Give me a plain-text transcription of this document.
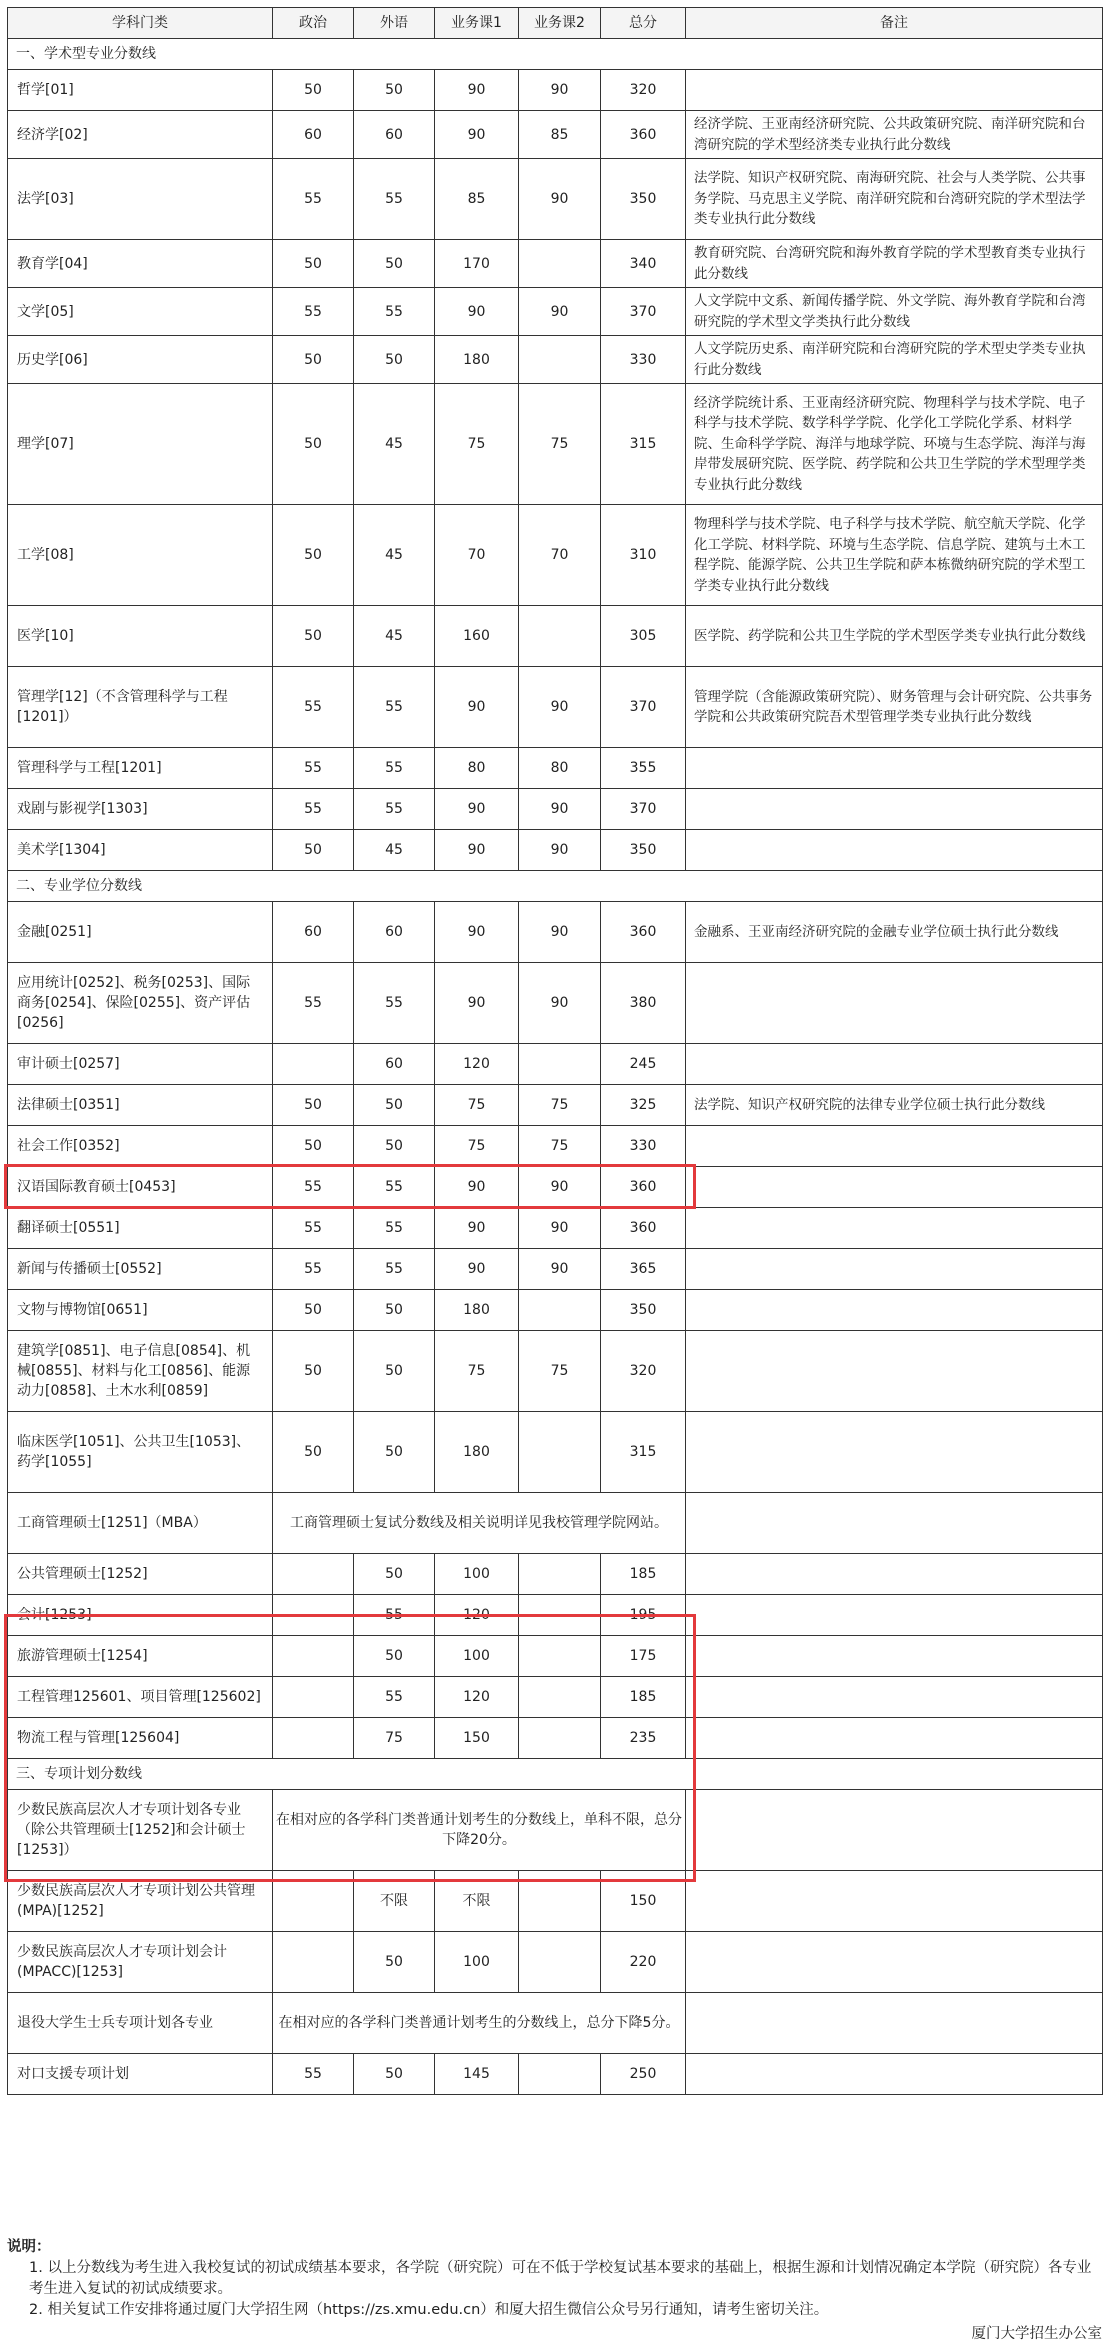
学科门类	政治	外语	业务课1	业务课2	总分	备注
一、学术型专业分数线						
哲学[01]	50	50	90	90	320	
经济学[02]	60	60	90	85	360	经济学院、王亚南经济研究院、公共政策研究院、南洋研究院和台湾研究院的学术型经济类专业执行此分数线
法学[03]	55	55	85	90	350	法学院、知识产权研究院、南海研究院、社会与人类学院、公共事务学院、马克思主义学院、南洋研究院和台湾研究院的学术型法学类专业执行此分数线
教育学[04]	50	50	170		340	教育研究院、台湾研究院和海外教育学院的学术型教育类专业执行此分数线
文学[05]	55	55	90	90	370	人文学院中文系、新闻传播学院、外文学院、海外教育学院和台湾研究院的学术型文学类执行此分数线
历史学[06]	50	50	180		330	人文学院历史系、南洋研究院和台湾研究院的学术型史学类专业执行此分数线
理学[07]	50	45	75	75	315	经济学院统计系、王亚南经济研究院、物理科学与技术学院、电子科学与技术学院、数学科学学院、化学化工学院化学系、材料学院、生命科学学院、海洋与地球学院、环境与生态学院、海洋与海岸带发展研究院、医学院、药学院和公共卫生学院的学术型理学类专业执行此分数线
工学[08]	50	45	70	70	310	物理科学与技术学院、电子科学与技术学院、航空航天学院、化学化工学院、材料学院、环境与生态学院、信息学院、建筑与土木工程学院、能源学院、公共卫生学院和萨本栋微纳研究院的学术型工学类专业执行此分数线
医学[10]	50	45	160		305	医学院、药学院和公共卫生学院的学术型医学类专业执行此分数线
管理学[12]（不含管理科学与工程[1201]）	55	55	90	90	370	管理学院（含能源政策研究院）、财务管理与会计研究院、公共事务学院和公共政策研究院吾术型管理学类专业执行此分数线
管理科学与工程[1201]	55	55	80	80	355	
戏剧与影视学[1303]	55	55	90	90	370	
美术学[1304]	50	45	90	90	350	
二、专业学位分数线						
金融[0251]	60	60	90	90	360	金融系、王亚南经济研究院的金融专业学位硕士执行此分数线
应用统计[0252]、税务[0253]、国际商务[0254]、保险[0255]、资产评估[0256]	55	55	90	90	380	
审计硕士[0257]		60	120		245	
法律硕士[0351]	50	50	75	75	325	法学院、知识产权研究院的法律专业学位硕士执行此分数线
社会工作[0352]	50	50	75	75	330	
汉语国际教育硕士[0453]	55	55	90	90	360	
翻译硕士[0551]	55	55	90	90	360	
新闻与传播硕士[0552]	55	55	90	90	365	
文物与博物馆[0651]	50	50	180		350	
建筑学[0851]、电子信息[0854]、机械[0855]、材料与化工[0856]、能源动力[0858]、土木水利[0859]	50	50	75	75	320	
临床医学[1051]、公共卫生[1053]、药学[1055]	50	50	180		315	
工商管理硕士[1251]（MBA）	工商管理硕士复试分数线及相关说明详见我校管理学院网站。					
公共管理硕士[1252]		50	100		185	
会计[1253]		55	120		195	
旅游管理硕士[1254]		50	100		175	
工程管理125601、项目管理[125602]		55	120		185	
物流工程与管理[125604]		75	150		235	
三、专项计划分数线						
少数民族高层次人才专项计划各专业（除公共管理硕士[1252]和会计硕士[1253]）	在相对应的各学科门类普通计划考生的分数线上，单科不限，总分下降20分。					
少数民族高层次人才专项计划公共管理(MPA)[1252]		不限	不限		150	
少数民族高层次人才专项计划会计(MPACC)[1253]		50	100		220	
退役大学生士兵专项计划各专业	在相对应的各学科门类普通计划考生的分数线上，总分下降5分。					
对口支援专项计划	55	50	145		250	
说明：
1. 以上分数线为考生进入我校复试的初试成绩基本要求，各学院（研究院）可在不低于学校复试基本要求的基础上，根据生源和计划情况确定本学院（研究院）各专业考生进入复试的初试成绩要求。
2. 相关复试工作安排将通过厦门大学招生网（https://zs.xmu.edu.cn）和厦大招生微信公众号另行通知，请考生密切关注。
厦门大学招生办公室
